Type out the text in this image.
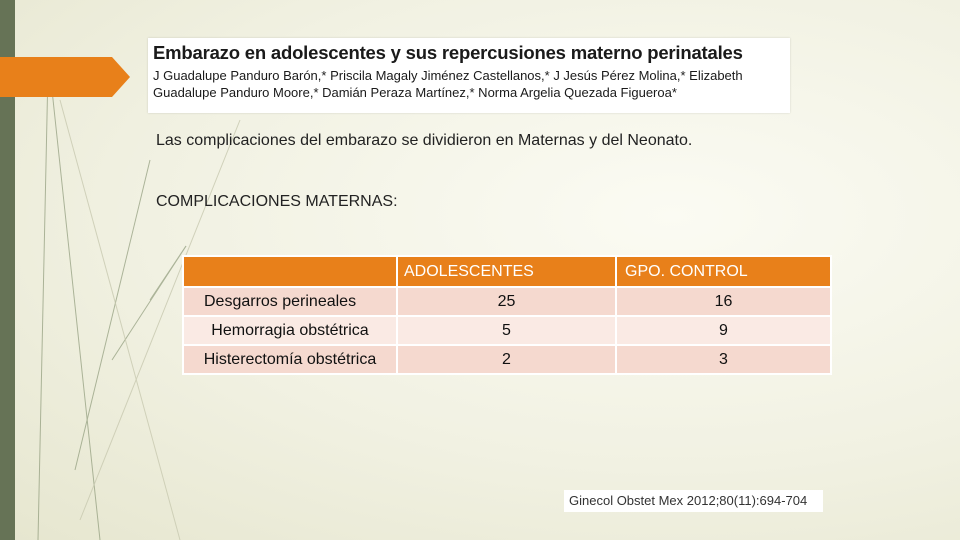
Embarazo en adolescentes y sus repercusiones materno perinatales
J Guadalupe Panduro Barón,* Priscila Magaly Jiménez Castellanos,* J Jesús Pérez Molina,* Elizabeth Guadalupe Panduro Moore,* Damián Peraza Martínez,* Norma Argelia Quezada Figueroa*
Las complicaciones del embarazo se dividieron en Maternas y del Neonato.
COMPLICACIONES MATERNAS:
	ADOLESCENTES	GPO. CONTROL
Desgarros perineales	25	16
Hemorragia obstétrica	5	9
Histerectomía obstétrica	2	3
Ginecol Obstet Mex 2012;80(11):694-704
